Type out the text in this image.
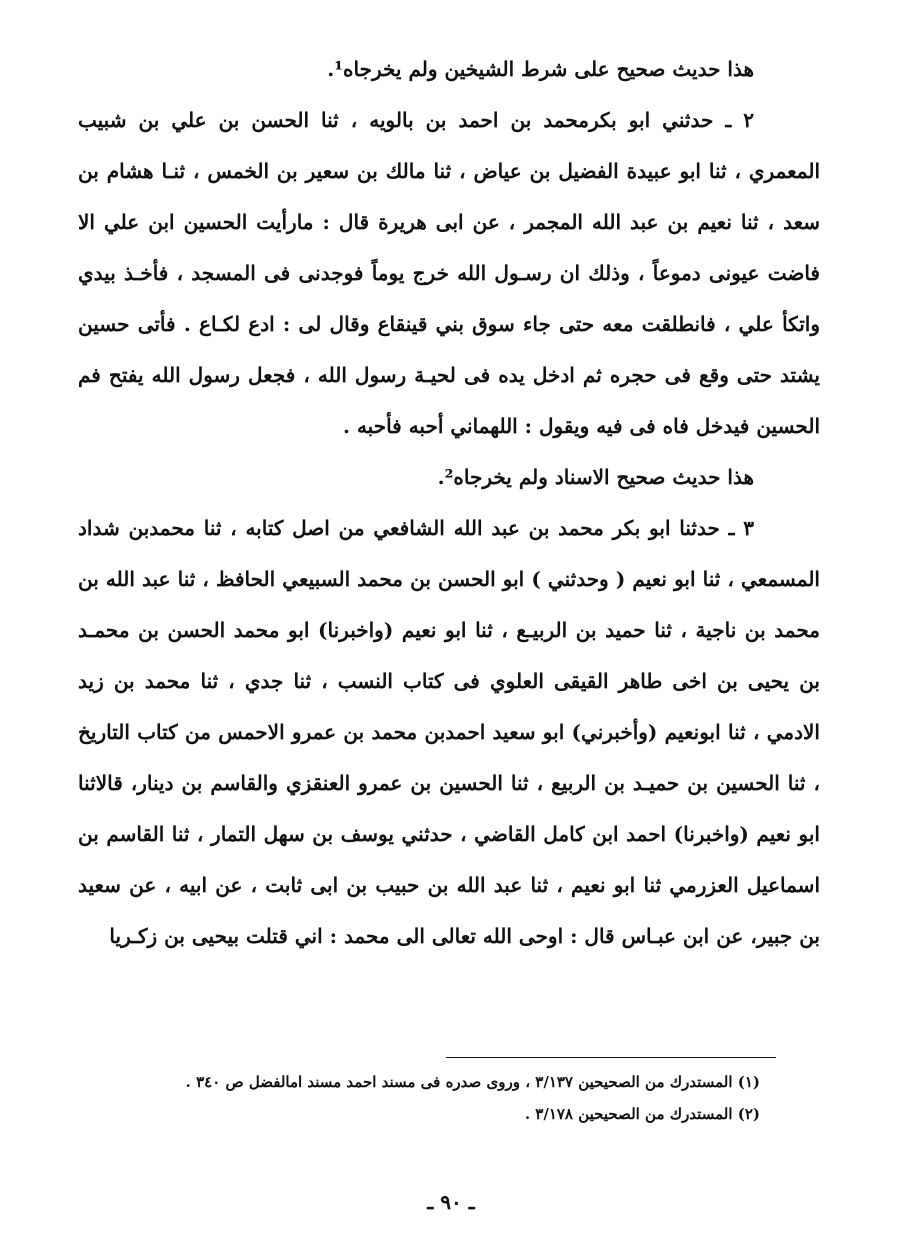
هذا حديث صحيح على شرط الشيخين ولم يخرجاه¹.

٢ ـ حدثني ابو بكرمحمد بن احمد بن بالويه ، ثنا الحسن بن علي بن شبيب المعمري ، ثنا ابو عبيدة الفضيل بن عياض ، ثنا مالك بن سعير بن الخمس ، ثنـا هشام بن سعد ، ثنا نعيم بن عبد الله المجمر ، عن ابى هريرة قال : مارأيت الحسين ابن علي الا فاضت عيونى دموعاً ، وذلك ان رسـول الله خرج يوماً فوجدنى فى المسجد ، فأخـذ بيدي واتكأ علي ، فانطلقت معه حتى جاء سوق بني قينقاع وقال لى : ادع لكـاع . فأتى حسين يشتد حتى وقع فى حجره ثم ادخل يده فى لحيـة رسول الله ، فجعل رسول الله يفتح فم الحسين فيدخل فاه فى فيه ويقول : اللهماني أحبه فأحبه .

هذا حديث صحيح الاسناد ولم يخرجاه².

٣ ـ حدثنا ابو بكر محمد بن عبد الله الشافعي من اصل كتابه ، ثنا محمدبن شداد المسمعي ، ثنا ابو نعيم ( وحدثني ) ابو الحسن بن محمد السبيعي الحافظ ، ثنا عبد الله بن محمد بن ناجية ، ثنا حميد بن الربيـع ، ثنا ابو نعيم (واخبرنا) ابو محمد الحسن بن محمـد بن يحيى بن اخى طاهر القيقى العلوي فى كتاب النسب ، ثنا جدي ، ثنا محمد بن زيد الادمي ، ثنا ابونعيم (وأخبرني) ابو سعيد احمدبن محمد بن عمرو الاحمس من كتاب التاريخ ، ثنا الحسين بن حميـد بن الربيع ، ثنا الحسين بن عمرو العنقزي والقاسم بن دينار، قالاثنا ابو نعيم (واخبرنا) احمد ابن كامل القاضي ، حدثني يوسف بن سهل التمار ، ثنا القاسم بن اسماعيل العزرمي ثنا ابو نعيم ، ثنا عبد الله بن حبيب بن ابى ثابت ، عن ابيه ، عن سعيد بن جبير، عن ابن عبـاس قال : اوحى الله تعالى الى محمد : اني قتلت بيحيى بن زكـريا

(١) المستدرك من الصحيحين ٣/١٣٧ ، وروى صدره فى مسند احمد مسند امالفضل ص ٣٤٠ .

(٢) المستدرك من الصحيحين ٣/١٧٨ .

ـ ٩٠ ـ
